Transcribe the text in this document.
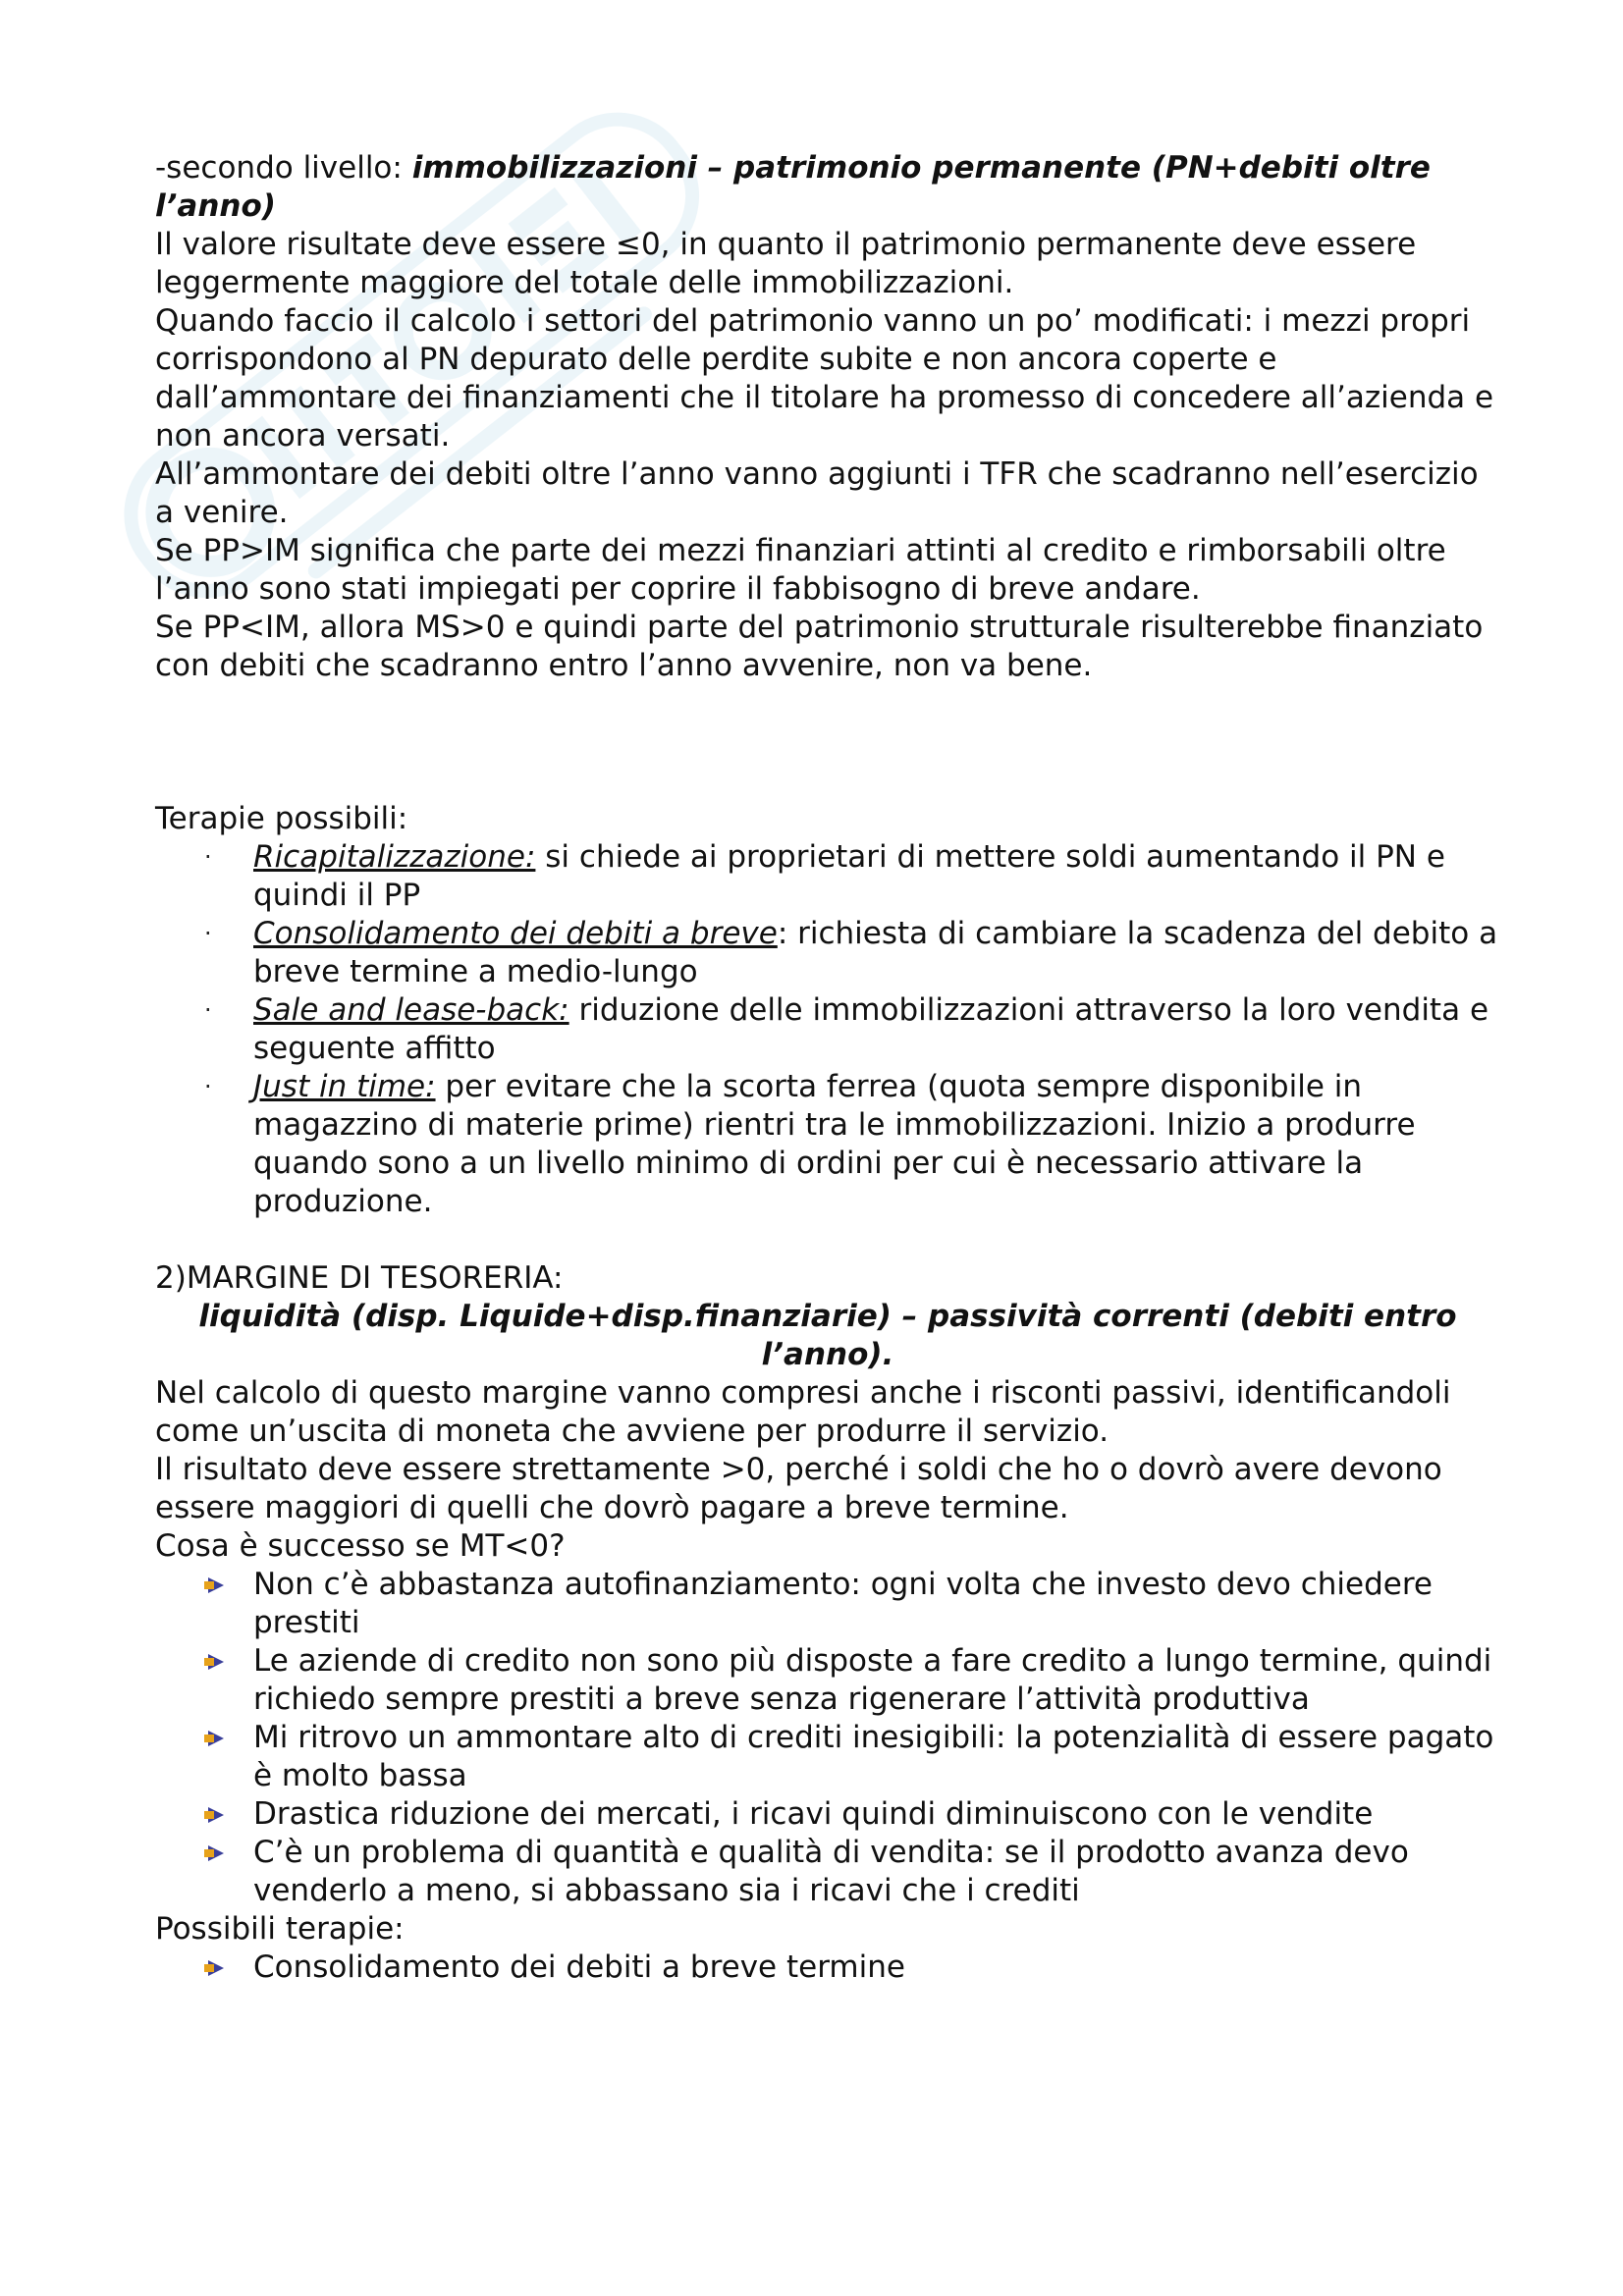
-secondo livello: immobilizzazioni – patrimonio permanente (PN+debiti oltre l’anno)

Il valore risultate deve essere ≤0, in quanto il patrimonio permanente deve essere leggermente maggiore del totale delle immobilizzazioni.

Quando faccio il calcolo i settori del patrimonio vanno un po’ modificati: i mezzi propri corrispondono al PN depurato delle perdite subite e non ancora coperte e dall’ammontare dei finanziamenti che il titolare ha promesso di concedere all’azienda e non ancora versati.

All’ammontare dei debiti oltre l’anno vanno aggiunti i TFR che scadranno nell’esercizio a venire.

Se PP>IM significa che parte dei mezzi finanziari attinti al credito e rimborsabili oltre l’anno sono stati impiegati per coprire il fabbisogno di breve andare.

Se PP<IM, allora MS>0 e quindi parte del patrimonio strutturale risulterebbe finanziato con debiti che scadranno entro l’anno avvenire, non va bene.

Terapie possibili:

· Ricapitalizzazione: si chiede ai proprietari di mettere soldi aumentando il PN e quindi il PP
· Consolidamento dei debiti a breve: richiesta di cambiare la scadenza del debito a breve termine a medio-lungo
· Sale and lease-back: riduzione delle immobilizzazioni attraverso la loro vendita e seguente affitto
· Just in time: per evitare che la scorta ferrea (quota sempre disponibile in magazzino di materie prime) rientri tra le immobilizzazioni. Inizio a produrre quando sono a un livello minimo di ordini per cui è necessario attivare la produzione.

2)MARGINE DI TESORERIA:

liquidità (disp. Liquide+disp.finanziarie) – passività correnti (debiti entro l’anno).

Nel calcolo di questo margine vanno compresi anche i risconti passivi, identificandoli come un’uscita di moneta che avviene per produrre il servizio.

Il risultato deve essere strettamente >0, perché i soldi che ho o dovrò avere devono essere maggiori di quelli che dovrò pagare a breve termine.

Cosa è successo se MT<0?

Non c’è abbastanza autofinanziamento: ogni volta che investo devo chiedere prestiti
Le aziende di credito non sono più disposte a fare credito a lungo termine, quindi richiedo sempre prestiti a breve senza rigenerare l’attività produttiva
Mi ritrovo un ammontare alto di crediti inesigibili: la potenzialità di essere pagato è molto bassa
Drastica riduzione dei mercati, i ricavi quindi diminuiscono con le vendite
C’è un problema di quantità e qualità di vendita: se il prodotto avanza devo venderlo a meno, si abbassano sia i ricavi che i crediti

Possibili terapie:

Consolidamento dei debiti a breve termine
